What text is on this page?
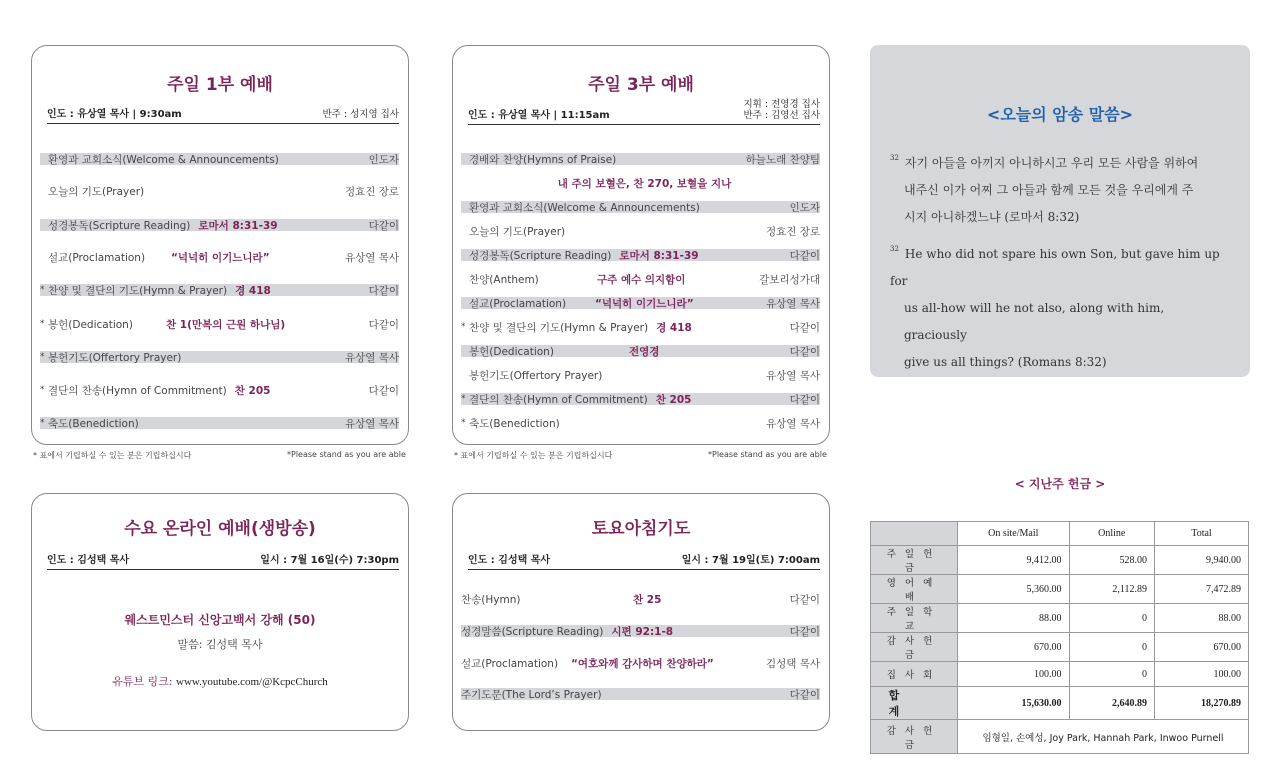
주일 1부 예배
인도 : 유상열 목사 | 9:30am	반주 : 성지영 집사
환영과 교회소식(Welcome & Announcements)	인도자
오늘의 기도(Prayer)	정효진 장로
성경봉독(Scripture Reading) 로마서 8:31-39	다같이
설교(Proclamation) “넉넉히 이기느니라”	유상열 목사
* 찬양 및 결단의 기도(Hymn & Prayer) 경 418	다같이
* 봉헌(Dedication)	찬 1(만복의 근원 하나님)	다같이
* 봉헌기도(Offertory Prayer)	유상열 목사
* 결단의 찬송(Hymn of Commitment) 찬 205	다같이
* 축도(Benediction)	유상열 목사
* 표에서 기립하실 수 있는 분은 기립하십시다	*Please stand as you are able
주일 3부 예배
인도 : 유상열 목사 | 11:15am
지휘 : 전영경 집사
반주 : 김영선 집사
경배와 찬양(Hymns of Praise)	하늘노래 찬양팀
내 주의 보혈은, 찬 270, 보혈을 지나
환영과 교회소식(Welcome & Announcements)	인도자
오늘의 기도(Prayer)	정효진 장로
성경봉독(Scripture Reading) 로마서 8:31-39	다같이
찬양(Anthem)	구주 예수 의지함이	갈보리성가대
설교(Proclamation)	“넉넉히 이기느니라”	유상열 목사
* 찬양 및 결단의 기도(Hymn & Prayer) 경 418	다같이
봉헌(Dedication)	전영경	다같이
봉헌기도(Offertory Prayer)	유상열 목사
* 결단의 찬송(Hymn of Commitment) 찬 205	다같이
* 축도(Benediction)	유상열 목사
* 표에서 기립하실 수 있는 분은 기립하십시다	*Please stand as you are able
수요 온라인 예배(생방송)
인도 : 김성택 목사	일시 : 7월 16일(수) 7:30pm
웨스트민스터 신앙고백서 강해 (50)
말씀: 김성택 목사
유튜브 링크: www.youtube.com/@KcpcChurch
토요아침기도
인도 : 김성택 목사	일시 : 7월 19일(토) 7:00am
찬송(Hymn)	찬 25	다같이
성경말씀(Scripture Reading) 시편 92:1-8	다같이
설교(Proclamation) “여호와께 감사하며 찬양하라”	김성택 목사
주기도문(The Lord’s Prayer)	다같이
<오늘의 암송 말씀>
$^{32}$ 자기 아들을 아끼지 아니하시고 우리 모든 사람을 위하여
내주신 이가 어찌 그 아들과 함께 모든 것을 우리에게 주
시지 아니하겠느냐 (로마서 8:32)
$^{32}$ He who did not spare his own Son, but gave him up for
us all-how will he not also, along with him, graciously
give us all things? (Romans 8:32)
< 지난주 헌금 >
	On site/Mail	Online	Total
주일헌금	9,412.00	528.00	9,940.00
영어예배	5,360.00	2,112.89	7,472.89
주일학교	88.00	0	88.00
감사헌금	670.00	0	670.00
집사회	100.00	0	100.00
합계	15,630.00	2,640.89	18,270.89
감사헌금	임형일, 손예성, Joy Park, Hannah Park, Inwoo Purnell		
